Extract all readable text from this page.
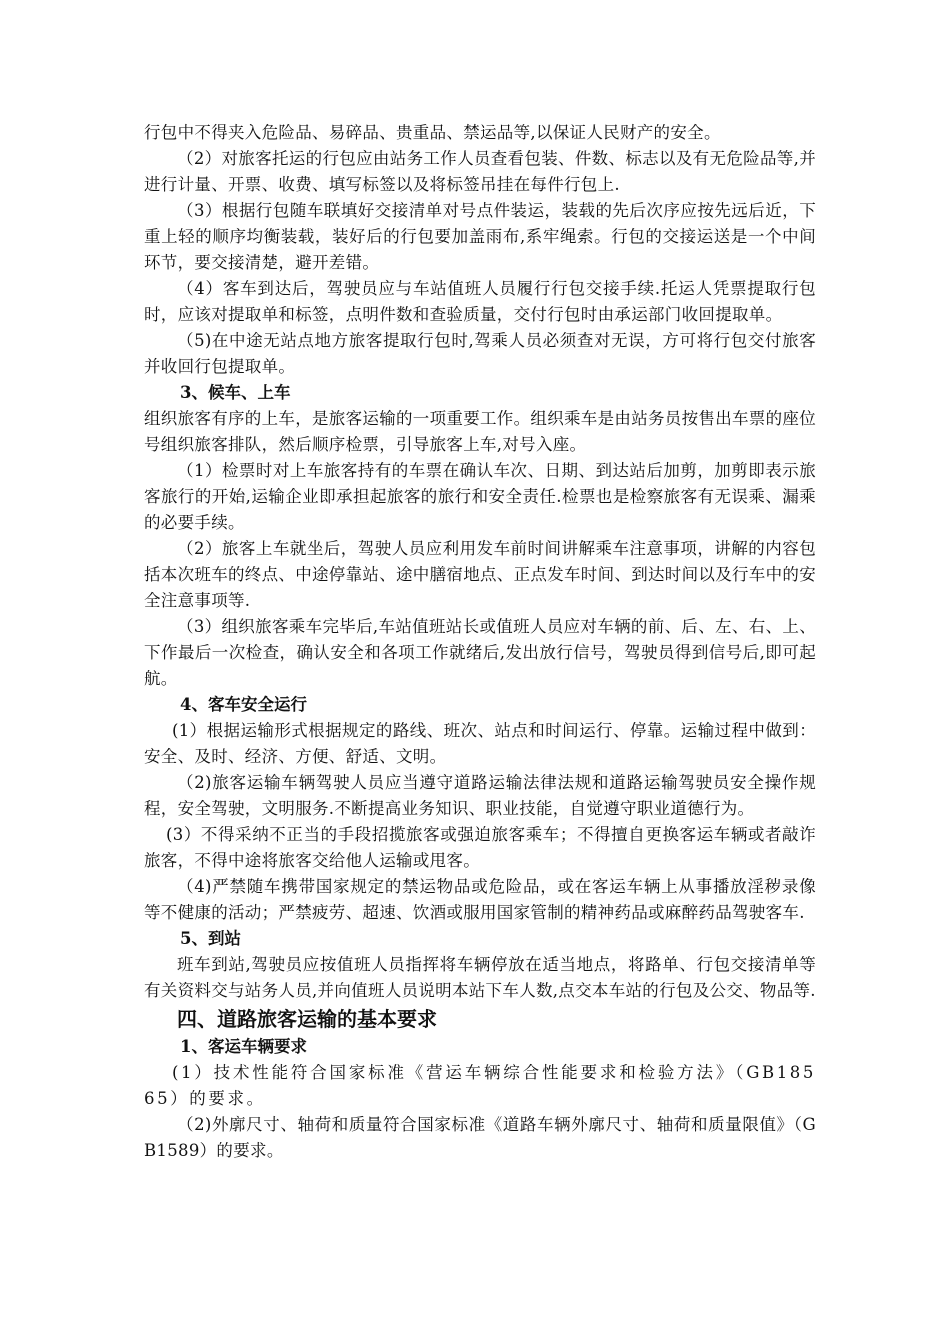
行包中不得夹入危险品、易碎品、贵重品、禁运品等,以保证人民财产的安全。

（2）对旅客托运的行包应由站务工作人员查看包装、件数、标志以及有无危险品等,并进行计量、开票、收费、填写标签以及将标签吊挂在每件行包上.

（3）根据行包随车联填好交接清单对号点件装运，装载的先后次序应按先远后近，下重上轻的顺序均衡装载，装好后的行包要加盖雨布,系牢绳索。行包的交接运送是一个中间环节，要交接清楚，避开差错。

（4）客车到达后，驾驶员应与车站值班人员履行行包交接手续.托运人凭票提取行包时，应该对提取单和标签，点明件数和查验质量，交付行包时由承运部门收回提取单。

（5)在中途无站点地方旅客提取行包时,驾乘人员必须查对无误，方可将行包交付旅客并收回行包提取单。

3、候车、上车

组织旅客有序的上车，是旅客运输的一项重要工作。组织乘车是由站务员按售出车票的座位号组织旅客排队，然后顺序检票，引导旅客上车,对号入座。

（1）检票时对上车旅客持有的车票在确认车次、日期、到达站后加剪，加剪即表示旅客旅行的开始,运输企业即承担起旅客的旅行和安全责任.检票也是检察旅客有无误乘、漏乘的必要手续。

（2）旅客上车就坐后，驾驶人员应利用发车前时间讲解乘车注意事项，讲解的内容包括本次班车的终点、中途停靠站、途中膳宿地点、正点发车时间、到达时间以及行车中的安全注意事项等.

（3）组织旅客乘车完毕后,车站值班站长或值班人员应对车辆的前、后、左、右、上、下作最后一次检查，确认安全和各项工作就绪后,发出放行信号，驾驶员得到信号后,即可起航。

4、客车安全运行

(1）根据运输形式根据规定的路线、班次、站点和时间运行、停靠。运输过程中做到：安全、及时、经济、方便、舒适、文明。

（2)旅客运输车辆驾驶人员应当遵守道路运输法律法规和道路运输驾驶员安全操作规程，安全驾驶，文明服务.不断提高业务知识、职业技能，自觉遵守职业道德行为。

(3）不得采纳不正当的手段招揽旅客或强迫旅客乘车；不得擅自更换客运车辆或者敲诈旅客，不得中途将旅客交给他人运输或甩客。

（4)严禁随车携带国家规定的禁运物品或危险品，或在客运车辆上从事播放淫秽录像等不健康的活动；严禁疲劳、超速、饮酒或服用国家管制的精神药品或麻醉药品驾驶客车.

5、到站

班车到站,驾驶员应按值班人员指挥将车辆停放在适当地点，将路单、行包交接清单等有关资料交与站务人员,并向值班人员说明本站下车人数,点交本车站的行包及公交、物品等.

四、道路旅客运输的基本要求

1、客运车辆要求

(1）技术性能符合国家标准《营运车辆综合性能要求和检验方法》（GB18565）的要求。

（2)外廓尺寸、轴荷和质量符合国家标准《道路车辆外廓尺寸、轴荷和质量限值》（GB1589）的要求。
